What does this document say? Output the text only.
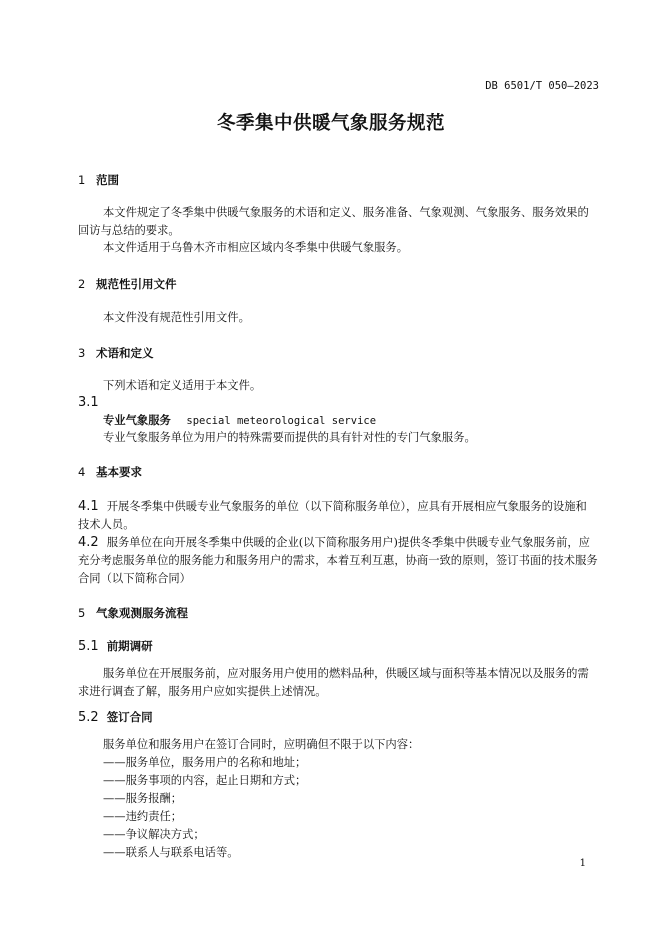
DB 6501/T 050—2023
冬季集中供暖气象服务规范
1 范围
本文件规定了冬季集中供暖气象服务的术语和定义、服务准备、气象观测、气象服务、服务效果的回访与总结的要求。
本文件适用于乌鲁木齐市相应区域内冬季集中供暖气象服务。
2 规范性引用文件
本文件没有规范性引用文件。
3 术语和定义
下列术语和定义适用于本文件。
3.1
专业气象服务 special meteorological service
专业气象服务单位为用户的特殊需要而提供的具有针对性的专门气象服务。
4 基本要求
4.1 开展冬季集中供暖专业气象服务的单位（以下简称服务单位），应具有开展相应气象服务的设施和技术人员。
4.2 服务单位在向开展冬季集中供暖的企业(以下简称服务用户)提供冬季集中供暖专业气象服务前，应充分考虑服务单位的服务能力和服务用户的需求，本着互利互惠，协商一致的原则，签订书面的技术服务合同（以下简称合同）
5 气象观测服务流程
5.1 前期调研
服务单位在开展服务前，应对服务用户使用的燃料品种，供暖区域与面积等基本情况以及服务的需求进行调查了解，服务用户应如实提供上述情况。
5.2 签订合同
服务单位和服务用户在签订合同时，应明确但不限于以下内容：
——服务单位，服务用户的名称和地址；
——服务事项的内容，起止日期和方式；
——服务报酬；
——违约责任；
——争议解决方式；
——联系人与联系电话等。
1
